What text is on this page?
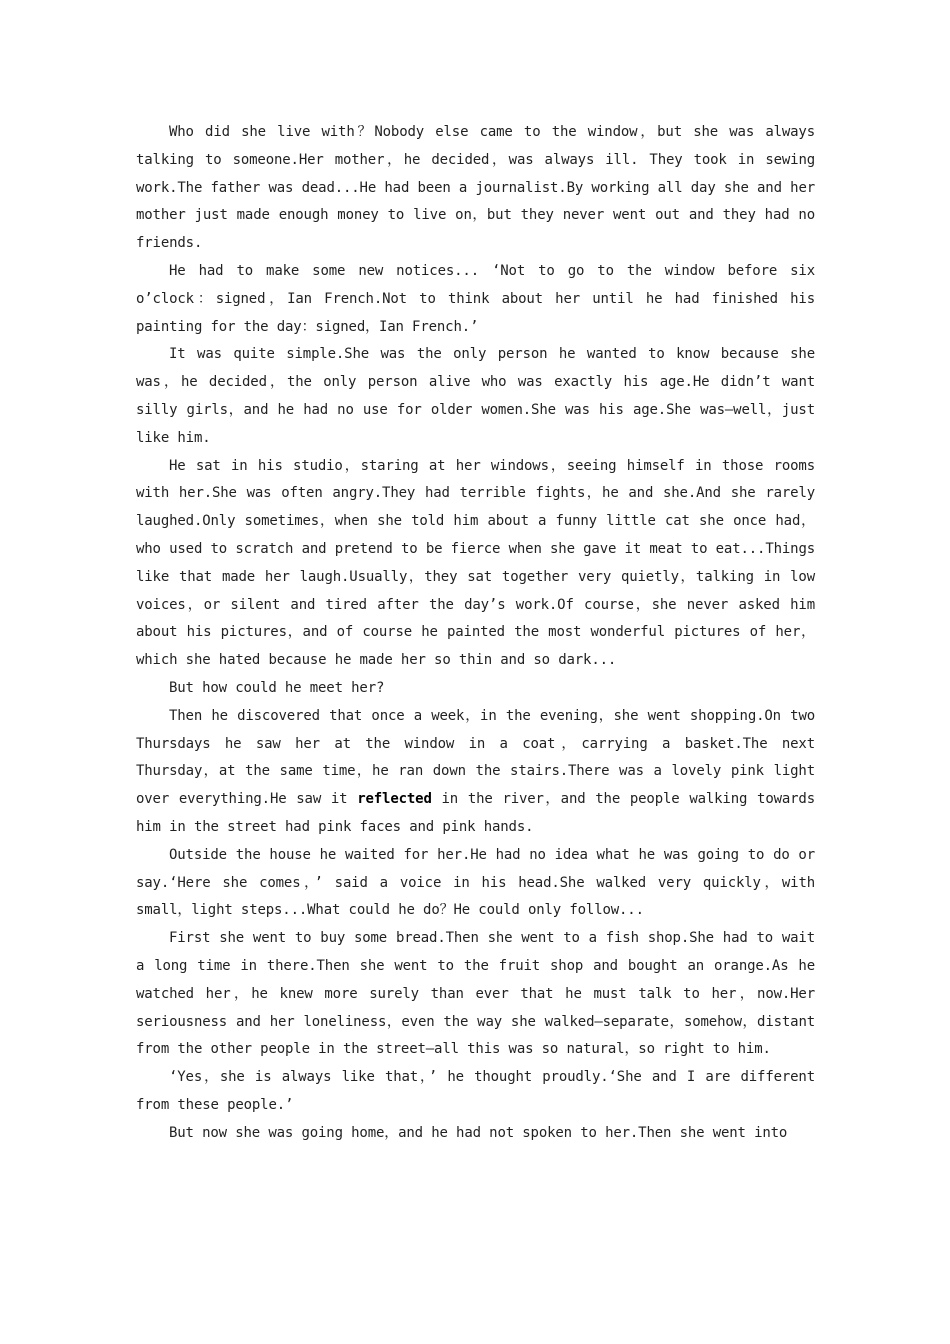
Who did she live with？Nobody else came to the window，but she was always talking to someone.Her mother，he decided，was always ill. They took in sewing work.The father was dead...He had been a journalist.By working all day she and her mother just made enough money to live on，but they never went out and they had no friends.

He had to make some new notices... ‘Not to go to the window before six o’clock：signed，Ian French.Not to think about her until he had finished his painting for the day：signed，Ian French.’

It was quite simple.She was the only person he wanted to know because she was，he decided，the only person alive who was exactly his age.He didn’t want silly girls，and he had no use for older women.She was his age.She was—well，just like him.

He sat in his studio，staring at her windows，seeing himself in those rooms with her.She was often angry.They had terrible fights，he and she.And she rarely laughed.Only sometimes，when she told him about a funny little cat she once had，who used to scratch and pretend to be fierce when she gave it meat to eat...Things like that made her laugh.Usually，they sat together very quietly，talking in low voices，or silent and tired after the day’s work.Of course，she never asked him about his pictures，and of course he painted the most wonderful pictures of her，which she hated because he made her so thin and so dark...

But how could he meet her?

Then he discovered that once a week，in the evening，she went shopping.On two Thursdays he saw her at the window in a coat，carrying a basket.The next Thursday，at the same time，he ran down the stairs.There was a lovely pink light over everything.He saw it reflected in the river，and the people walking towards him in the street had pink faces and pink hands.

Outside the house he waited for her.He had no idea what he was going to do or say.‘Here she comes，’ said a voice in his head.She walked very quickly，with small，light steps...What could he do？He could only follow...

First she went to buy some bread.Then she went to a fish shop.She had to wait a long time in there.Then she went to the fruit shop and bought an orange.As he watched her，he knew more surely than ever that he must talk to her，now.Her seriousness and her loneliness，even the way she walked—separate，somehow，distant from the other people in the street—all this was so natural，so right to him.

‘Yes，she is always like that，’ he thought proudly.‘She and I are different from these people.’

But now she was going home，and he had not spoken to her.Then she went into
